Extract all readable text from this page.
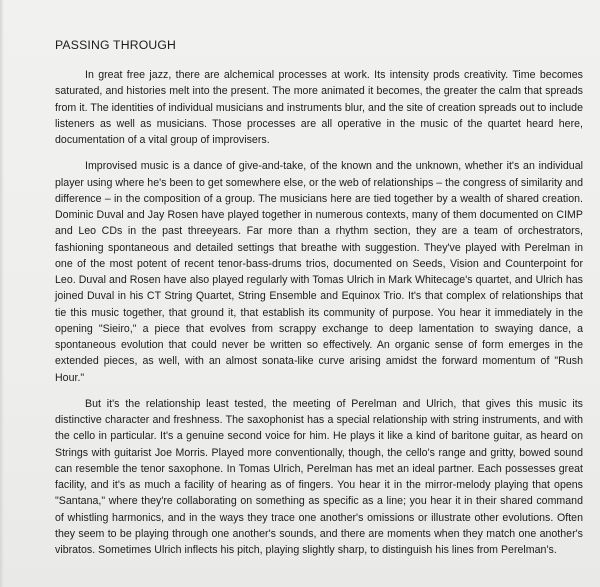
PASSING THROUGH

In great free jazz, there are alchemical processes at work. Its intensity prods creativity. Time becomes saturated, and histories melt into the present. The more animated it becomes, the greater the calm that spreads from it. The identities of individual musicians and instruments blur, and the site of creation spreads out to include listeners as well as musicians. Those processes are all operative in the music of the quartet heard here, documentation of a vital group of improvisers.

Improvised music is a dance of give-and-take, of the known and the unknown, whether it's an individual player using where he's been to get somewhere else, or the web of relationships – the congress of similarity and difference – in the composition of a group. The musicians here are tied together by a wealth of shared creation. Dominic Duval and Jay Rosen have played together in numerous contexts, many of them documented on CIMP and Leo CDs in the past threeyears. Far more than a rhythm section, they are a team of orchestrators, fashioning spontaneous and detailed settings that breathe with suggestion. They've played with Perelman in one of the most potent of recent tenor-bass-drums trios, documented on Seeds, Vision and Counterpoint for Leo. Duval and Rosen have also played regularly with Tomas Ulrich in Mark Whitecage's quartet, and Ulrich has joined Duval in his CT String Quartet, String Ensemble and Equinox Trio. It's that complex of relationships that tie this music together, that ground it, that establish its community of purpose. You hear it immediately in the opening "Sieiro," a piece that evolves from scrappy exchange to deep lamentation to swaying dance, a spontaneous evolution that could never be written so effectively. An organic sense of form emerges in the extended pieces, as well, with an almost sonata-like curve arising amidst the forward momentum of "Rush Hour."

But it's the relationship least tested, the meeting of Perelman and Ulrich, that gives this music its distinctive character and freshness. The saxophonist has a special relationship with string instruments, and with the cello in particular. It's a genuine second voice for him. He plays it like a kind of baritone guitar, as heard on Strings with guitarist Joe Morris. Played more conventionally, though, the cello's range and gritty, bowed sound can resemble the tenor saxophone. In Tomas Ulrich, Perelman has met an ideal partner. Each possesses great facility, and it's as much a facility of hearing as of fingers. You hear it in the mirror-melody playing that opens "Santana," where they're collaborating on something as specific as a line; you hear it in their shared command of whistling harmonics, and in the ways they trace one another's omissions or illustrate other evolutions. Often they seem to be playing through one another's sounds, and there are moments when they match one another's vibratos. Sometimes Ulrich inflects his pitch, playing slightly sharp, to distinguish his lines from Perelman's.
